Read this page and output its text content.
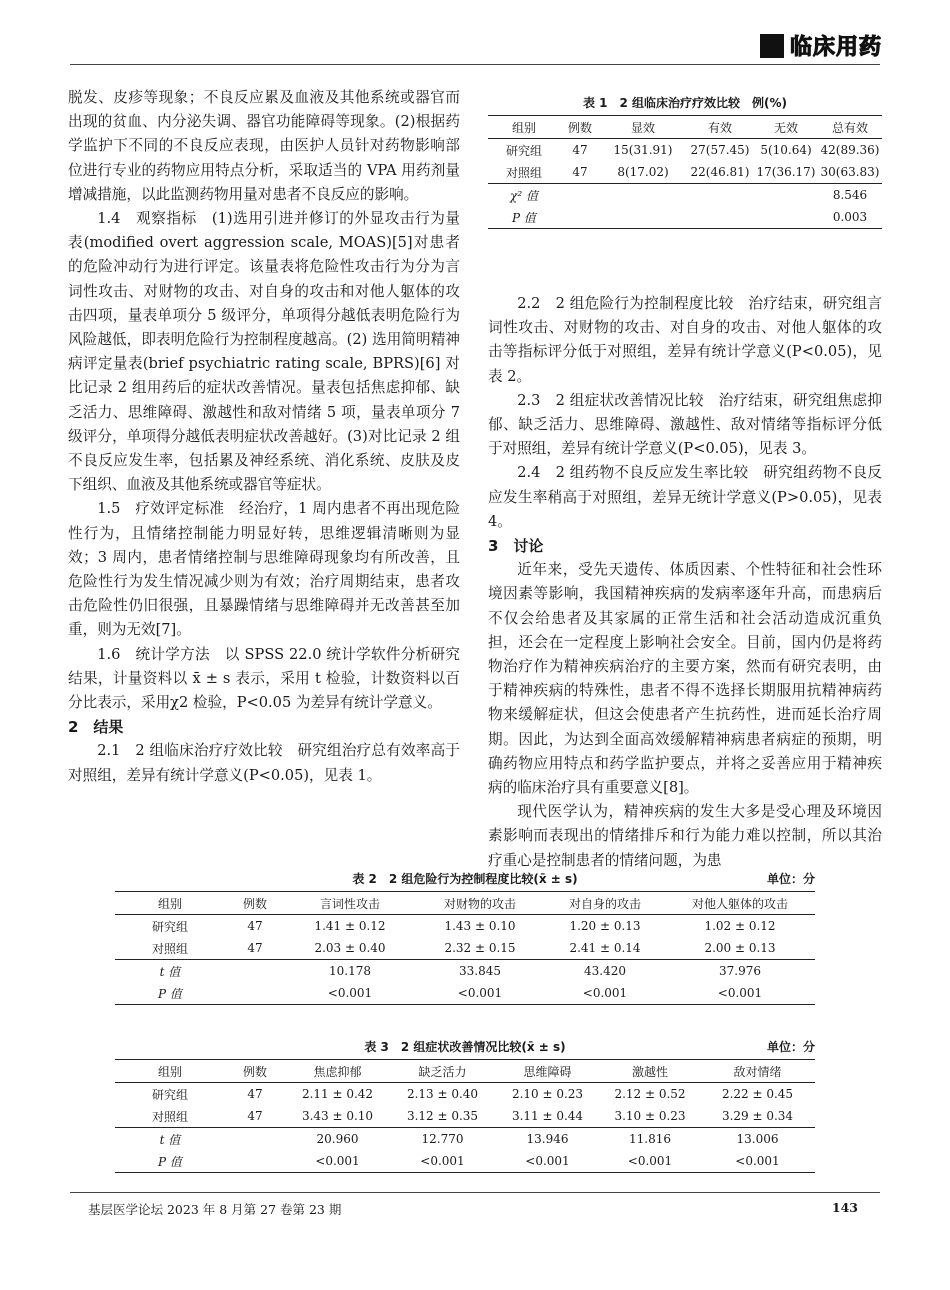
临床用药

脱发、皮疹等现象；不良反应累及血液及其他系统或器官而出现的贫血、内分泌失调、器官功能障碍等现象。(2)根据药学监护下不同的不良反应表现，由医护人员针对药物影响部位进行专业的药物应用特点分析，采取适当的 VPA 用药剂量增减措施，以此监测药物用量对患者不良反应的影响。

1.4　观察指标　(1)选用引进并修订的外显攻击行为量表(modified overt aggression scale, MOAS)[5]对患者的危险冲动行为进行评定。该量表将危险性攻击行为分为言词性攻击、对财物的攻击、对自身的攻击和对他人躯体的攻击四项，量表单项分 5 级评分，单项得分越低表明危险行为风险越低，即表明危险行为控制程度越高。(2) 选用简明精神病评定量表(brief psychiatric rating scale, BPRS)[6] 对比记录 2 组用药后的症状改善情况。量表包括焦虑抑郁、缺乏活力、思维障碍、激越性和敌对情绪 5 项，量表单项分 7 级评分，单项得分越低表明症状改善越好。(3)对比记录 2 组不良反应发生率，包括累及神经系统、消化系统、皮肤及皮下组织、血液及其他系统或器官等症状。

1.5　疗效评定标准　经治疗，1 周内患者不再出现危险性行为，且情绪控制能力明显好转，思维逻辑清晰则为显效；3 周内，患者情绪控制与思维障碍现象均有所改善，且危险性行为发生情况减少则为有效；治疗周期结束，患者攻击危险性仍旧很强，且暴躁情绪与思维障碍并无改善甚至加重，则为无效[7]。

1.6　统计学方法　以 SPSS 22.0 统计学软件分析研究结果，计量资料以 x̄ ± s 表示，采用 t 检验，计数资料以百分比表示，采用χ2 检验，P<0.05 为差异有统计学意义。

2　结果

2.1　2 组临床治疗疗效比较　研究组治疗总有效率高于对照组，差异有统计学意义(P<0.05)，见表 1。

表 1　2 组临床治疗疗效比较　例(%)
组别	例数	显效	有效	无效	总有效
研究组	47	15(31.91)	27(57.45)	5(10.64)	42(89.36)
对照组	47	8(17.02)	22(46.81)	17(36.17)	30(63.83)
χ² 值					8.546
P 值					0.003

2.2　2 组危险行为控制程度比较　治疗结束，研究组言词性攻击、对财物的攻击、对自身的攻击、对他人躯体的攻击等指标评分低于对照组，差异有统计学意义(P<0.05)，见表 2。

2.3　2 组症状改善情况比较　治疗结束，研究组焦虑抑郁、缺乏活力、思维障碍、激越性、敌对情绪等指标评分低于对照组，差异有统计学意义(P<0.05)，见表 3。

2.4　2 组药物不良反应发生率比较　研究组药物不良反应发生率稍高于对照组，差异无统计学意义(P>0.05)，见表 4。

3　讨论

近年来，受先天遗传、体质因素、个性特征和社会性环境因素等影响，我国精神疾病的发病率逐年升高，而患病后不仅会给患者及其家属的正常生活和社会活动造成沉重负担，还会在一定程度上影响社会安全。目前，国内仍是将药物治疗作为精神疾病治疗的主要方案，然而有研究表明，由于精神疾病的特殊性，患者不得不选择长期服用抗精神病药物来缓解症状，但这会使患者产生抗药性，进而延长治疗周期。因此，为达到全面高效缓解精神病患者病症的预期，明确药物应用特点和药学监护要点，并将之妥善应用于精神疾病的临床治疗具有重要意义[8]。

现代医学认为，精神疾病的发生大多是受心理及环境因素影响而表现出的情绪排斥和行为能力难以控制，所以其治疗重心是控制患者的情绪问题，为患

表 2　2 组危险行为控制程度比较(x̄ ± s)	单位：分
组别	例数	言词性攻击	对财物的攻击	对自身的攻击	对他人躯体的攻击
研究组	47	1.41 ± 0.12	1.43 ± 0.10	1.20 ± 0.13	1.02 ± 0.12
对照组	47	2.03 ± 0.40	2.32 ± 0.15	2.41 ± 0.14	2.00 ± 0.13
t 值		10.178	33.845	43.420	37.976
P 值		<0.001	<0.001	<0.001	<0.001
表 3　2 组症状改善情况比较(x̄ ± s)	单位：分
组别	例数	焦虑抑郁	缺乏活力	思维障碍	激越性	敌对情绪
研究组	47	2.11 ± 0.42	2.13 ± 0.40	2.10 ± 0.23	2.12 ± 0.52	2.22 ± 0.45
对照组	47	3.43 ± 0.10	3.12 ± 0.35	3.11 ± 0.44	3.10 ± 0.23	3.29 ± 0.34
t 值		20.960	12.770	13.946	11.816	13.006
P 值		<0.001	<0.001	<0.001	<0.001	<0.001
基层医学论坛 2023 年 8 月第 27 卷第 23 期	143
